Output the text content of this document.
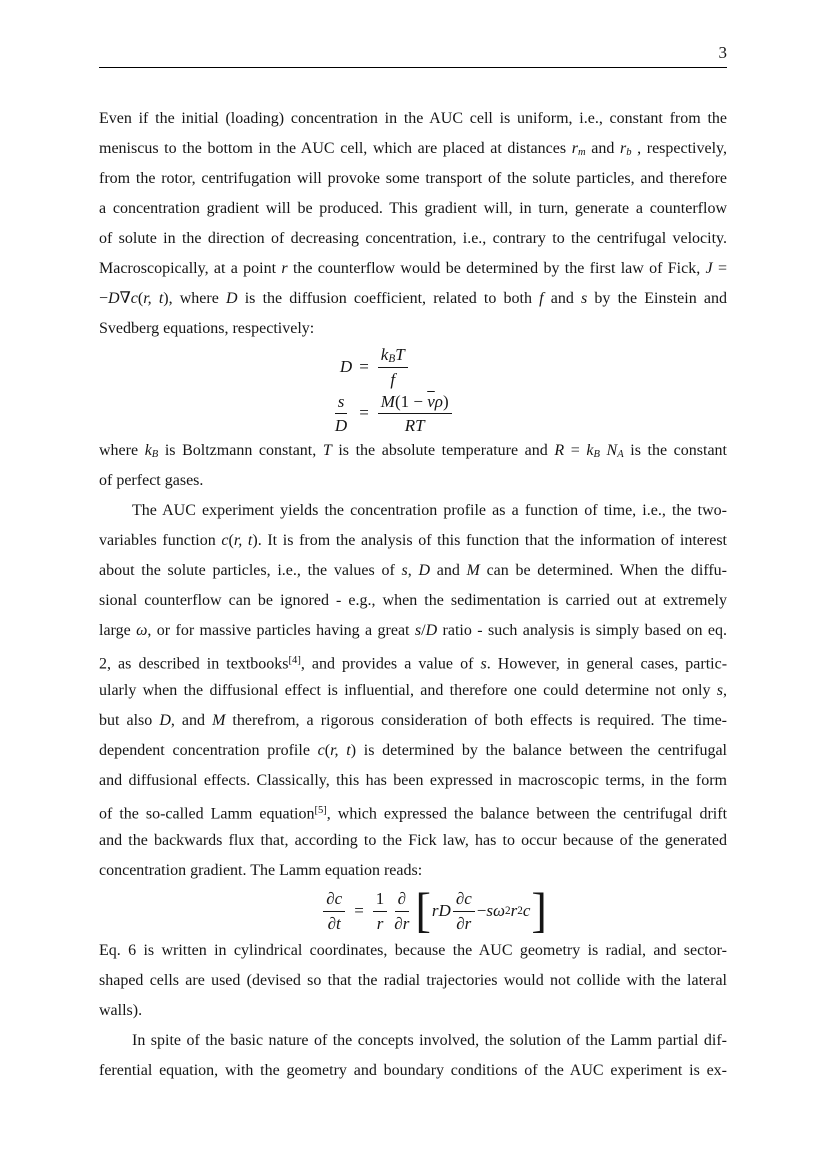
3
Even if the initial (loading) concentration in the AUC cell is uniform, i.e., constant from the
meniscus to the bottom in the AUC cell, which are placed at distances rm and rb , respectively,
from the rotor, centrifugation will provoke some transport of the solute particles, and therefore
a concentration gradient will be produced. This gradient will, in turn, generate a counterflow
of solute in the direction of decreasing concentration, i.e., contrary to the centrifugal velocity.
Macroscopically, at a point r the counterflow would be determined by the first law of Fick, J =
−D∇c(r, t), where D is the diffusion coefficient, related to both f and s by the Einstein and
Svedberg equations, respectively:
$D = \frac{\text{kBT}}{f}$
$\frac{s}{D} = \frac{M(1 - \overline{v}\rho)}{RT}$
where kB is Boltzmann constant, T is the absolute temperature and R = kB NA is the constant
of perfect gases.
The AUC experiment yields the concentration profile as a function of time, i.e., the two-
variables function c(r, t). It is from the analysis of this function that the information of interest
about the solute particles, i.e., the values of s, D and M can be determined. When the diffu-
sional counterflow can be ignored - e.g., when the sedimentation is carried out at extremely
large ω, or for massive particles having a great s/D ratio - such analysis is simply based on eq.
2, as described in textbooks[4], and provides a value of s. However, in general cases, partic-
ularly when the diffusional effect is influential, and therefore one could determine not only s,
but also D, and M therefrom, a rigorous consideration of both effects is required. The time-
dependent concentration profile c(r, t) is determined by the balance between the centrifugal
and diffusional effects. Classically, this has been expressed in macroscopic terms, in the form
of the so-called Lamm equation[5], which expressed the balance between the centrifugal drift
and the backwards flux that, according to the Fick law, has to occur because of the generated
concentration gradient. The Lamm equation reads:
$\frac{\partial c}{\partial t} = \frac{1}{r} \frac{\partial}{\partial r}$ [ rD $\frac{\partial c}{\partial r} - s\omega$ 2 r 2 c ]
Eq. 6 is written in cylindrical coordinates, because the AUC geometry is radial, and sector-
shaped cells are used (devised so that the radial trajectories would not collide with the lateral
walls).
In spite of the basic nature of the concepts involved, the solution of the Lamm partial dif-
ferential equation, with the geometry and boundary conditions of the AUC experiment is ex-
